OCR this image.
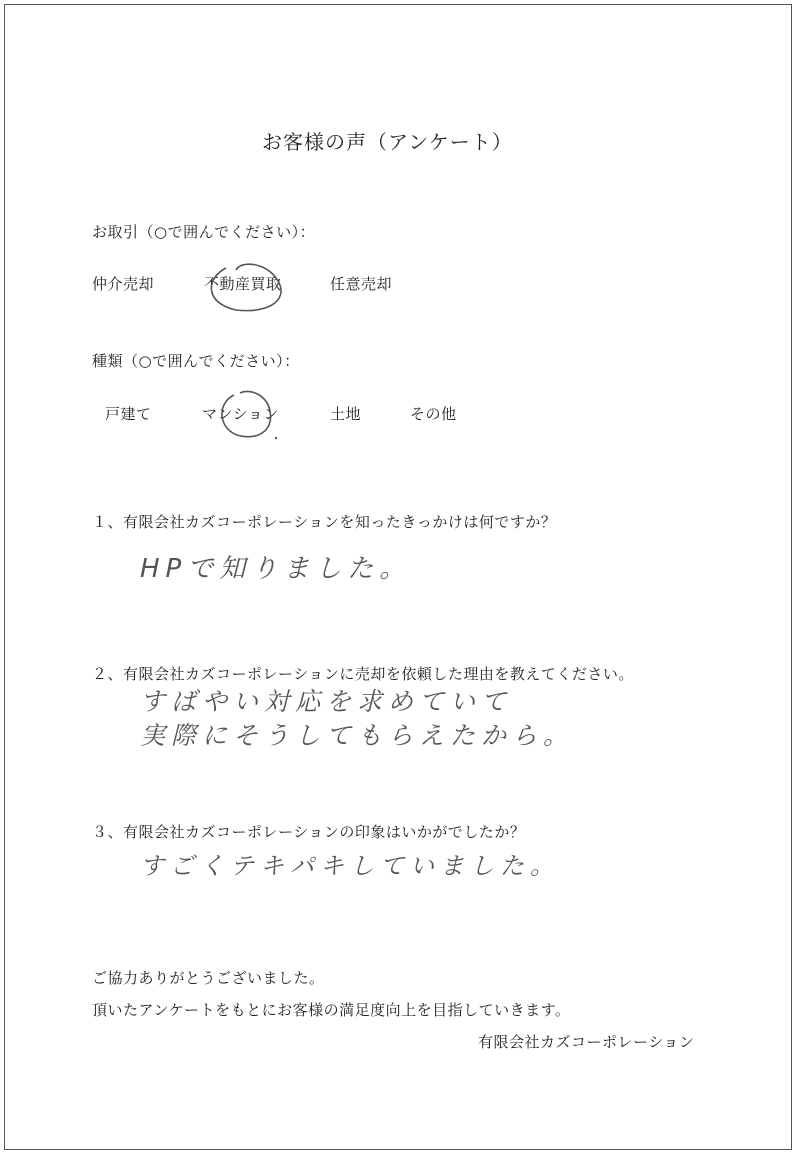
お客様の声（アンケート）
お取引（○で囲んでください）：
仲介売却	不動産買取	任意売却
種類（○で囲んでください）：
戸建て	マンション	土地	その他
１、有限会社カズコーポレーションを知ったきっかけは何ですか？
HPで知りました。
２、有限会社カズコーポレーションに売却を依頼した理由を教えてください。
すばやい対応を求めていて
実際にそうしてもらえたから。
３、有限会社カズコーポレーションの印象はいかがでしたか？
すごくテキパキしていました。
ご協力ありがとうございました。
頂いたアンケートをもとにお客様の満足度向上を目指していきます。
有限会社カズコーポレーション
